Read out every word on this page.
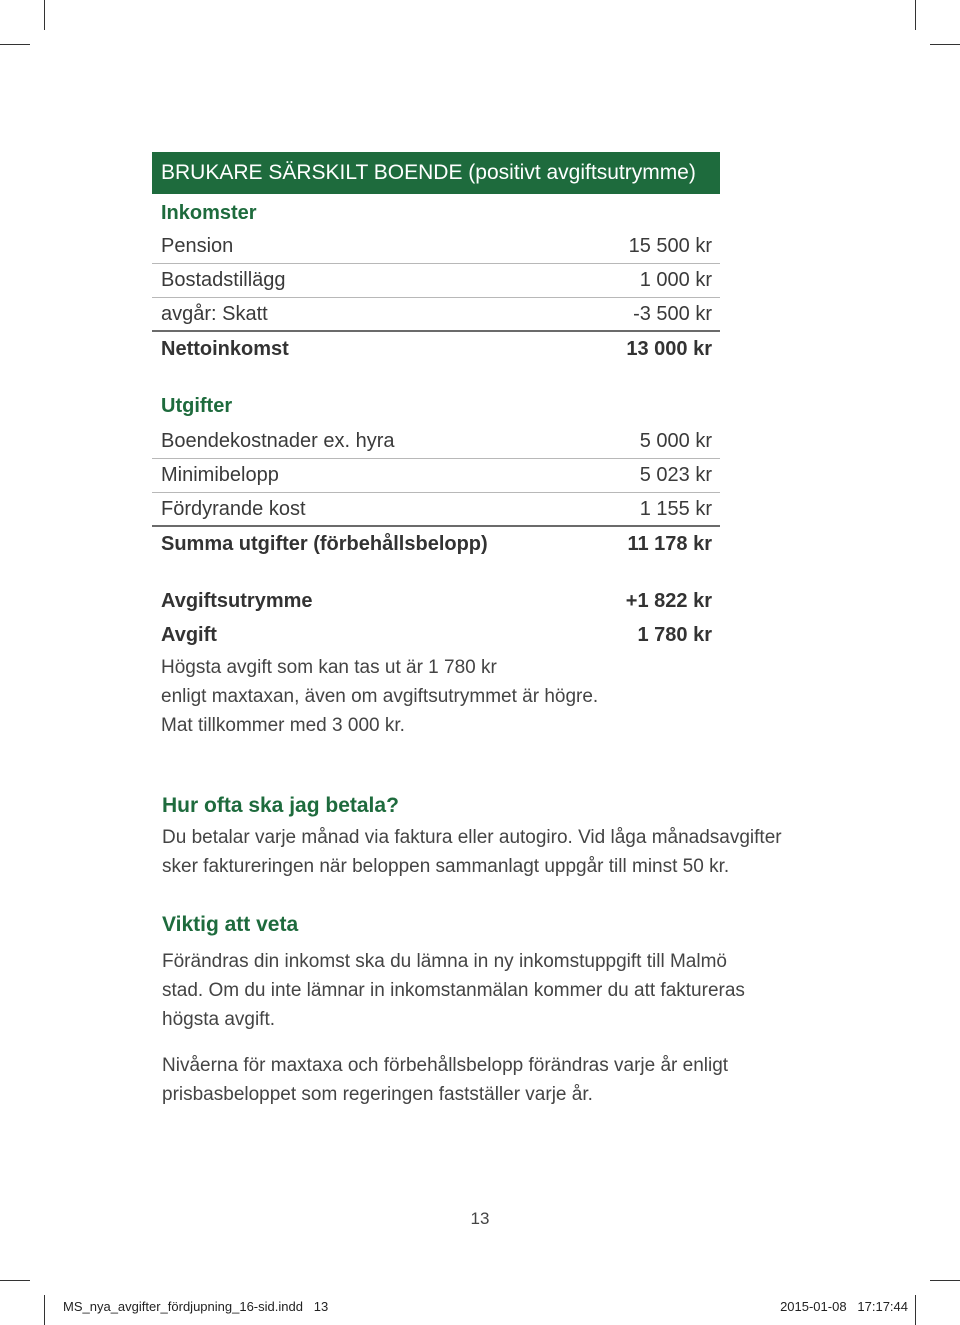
BRUKARE SÄRSKILT BOENDE (positivt avgiftsutrymme)
Inkomster
Pension	15 500 kr
Bostadstillägg	1 000 kr
avgår: Skatt	-3 500 kr
Nettoinkomst	13 000 kr
Utgifter
Boendekostnader ex. hyra	5 000 kr
Minimibelopp	5 023 kr
Fördyrande kost	1 155 kr
Summa utgifter (förbehållsbelopp)	11 178 kr
Avgiftsutrymme	+1 822 kr
Avgift	1 780 kr
Högsta avgift som kan tas ut är 1 780 kr
enligt maxtaxan, även om avgiftsutrymmet är högre.
Mat tillkommer med 3 000 kr.
Hur ofta ska jag betala?
Du betalar varje månad via faktura eller autogiro. Vid låga månadsavgifter
sker faktureringen när beloppen sammanlagt uppgår till minst 50 kr.
Viktig att veta
Förändras din inkomst ska du lämna in ny inkomstuppgift till Malmö
stad. Om du inte lämnar in inkomstanmälan kommer du att faktureras
högsta avgift.
Nivåerna för maxtaxa och förbehållsbelopp förändras varje år enligt
prisbasbeloppet som regeringen fastställer varje år.
13
MS_nya_avgifter_fördjupning_16-sid.indd   13	2015-01-08   17:17:44
